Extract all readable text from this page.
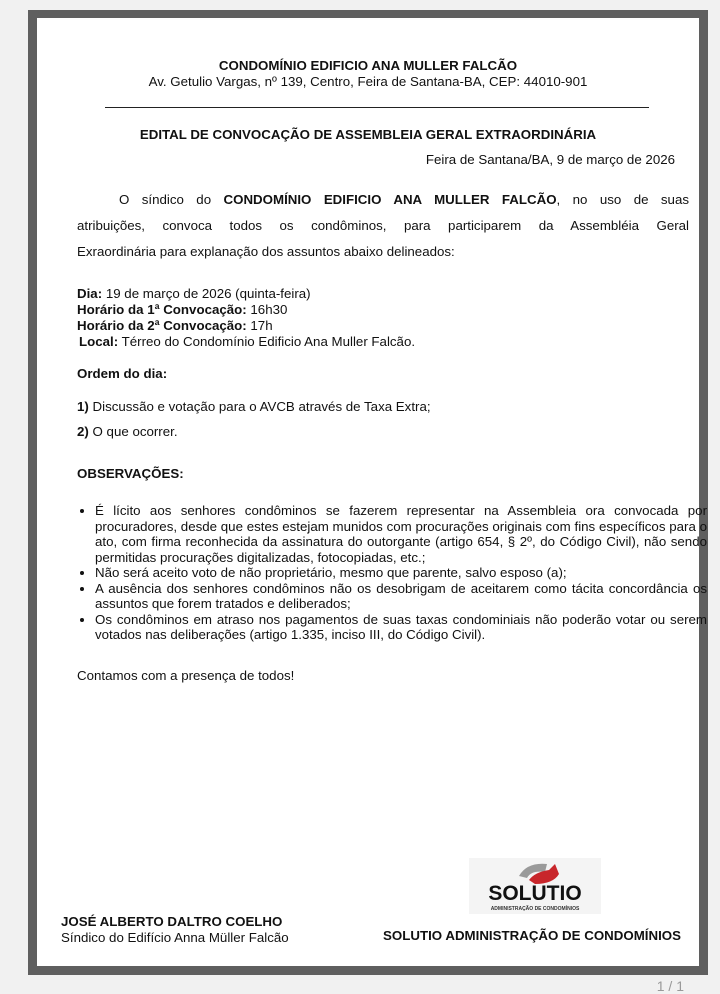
CONDOMÍNIO EDIFICIO ANA MULLER FALCÃO
Av. Getulio Vargas, nº 139, Centro, Feira de Santana-BA, CEP: 44010-901
EDITAL DE CONVOCAÇÃO DE ASSEMBLEIA GERAL EXTRAORDINÁRIA
Feira de Santana/BA, 9 de março de 2026
O síndico do CONDOMÍNIO EDIFICIO ANA MULLER FALCÃO, no uso de suas
atribuições, convoca todos os condôminos, para participarem da Assembléia Geral
Exraordinária para explanação dos assuntos abaixo delineados:
Dia: 19 de março de 2026 (quinta-feira)
Horário da 1ª Convocação: 16h30
Horário da 2ª Convocação: 17h
Local: Térreo do Condomínio Edificio Ana Muller Falcão.
Ordem do dia:
1) Discussão e votação para o AVCB através de Taxa Extra;
2) O que ocorrer.
OBSERVAÇÕES:
• É lícito aos senhores condôminos se fazerem representar na Assembleia ora convocada por procuradores, desde que estes estejam munidos com procurações originais com fins específicos para o ato, com firma reconhecida da assinatura do outorgante (artigo 654, § 2º, do Código Civil), não sendo permitidas procurações digitalizadas, fotocopiadas, etc.;
• Não será aceito voto de não proprietário, mesmo que parente, salvo esposo (a);
• A ausência dos senhores condôminos não os desobrigam de aceitarem como tácita concordância os assuntos que forem tratados e deliberados;
• Os condôminos em atraso nos pagamentos de suas taxas condominiais não poderão votar ou serem votados nas deliberações (artigo 1.335, inciso III, do Código Civil).
Contamos com a presença de todos!
SOLUTIO
ADMINISTRAÇÃO DE CONDOMÍNIOS
JOSÉ ALBERTO DALTRO COELHO
Síndico do Edifício Anna Müller Falcão	SOLUTIO ADMINISTRAÇÃO DE CONDOMÍNIOS
1 / 1
